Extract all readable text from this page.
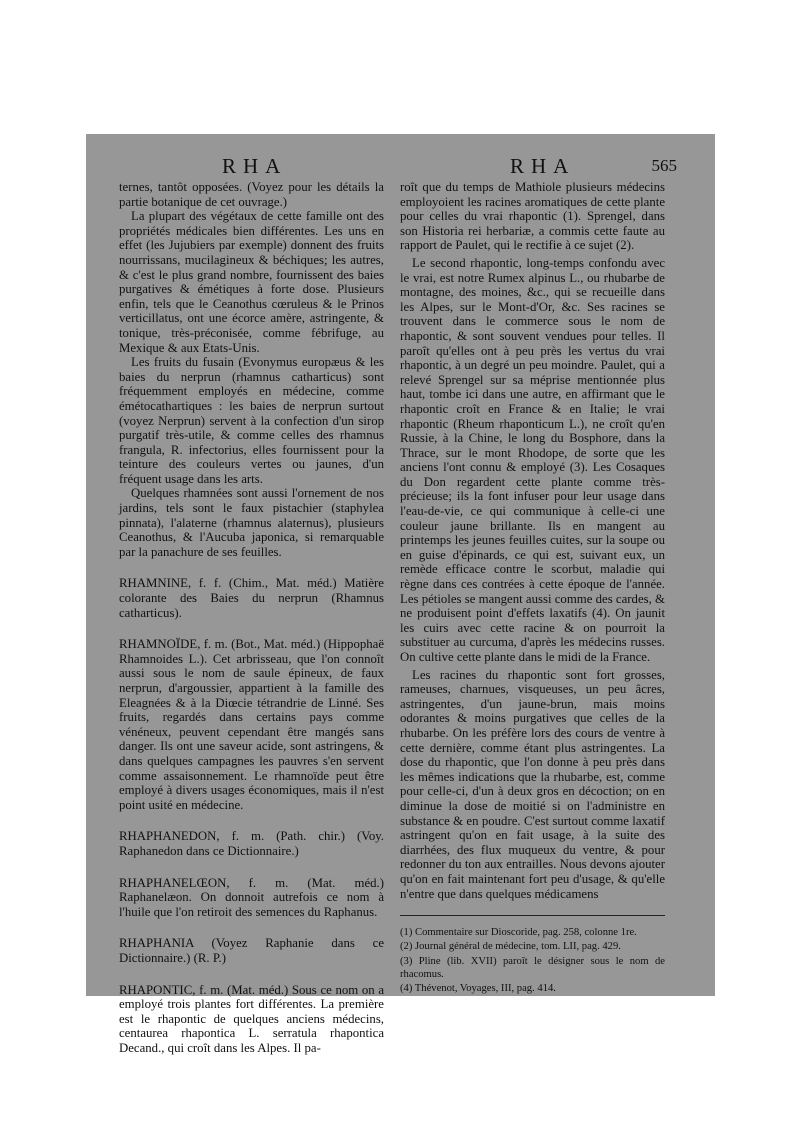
RHA	RHA	565

ternes, tantôt opposées. (Voyez pour les détails la partie botanique de cet ouvrage.)

La plupart des végétaux de cette famille ont des propriétés médicales bien différentes. Les uns en effet (les Jujubiers par exemple) donnent des fruits nourrissans, mucilagineux & béchiques; les autres, & c'est le plus grand nombre, fournissent des baies purgatives & émétiques à forte dose. Plusieurs enfin, tels que le Ceanothus cœruleus & le Prinos verticillatus, ont une écorce amère, astringente, & tonique, très-préconisée, comme fébrifuge, au Mexique & aux Etats-Unis.

Les fruits du fusain (Evonymus europæus & les baies du nerprun (rhamnus catharticus) sont fréquemment employés en médecine, comme émétocathartiques : les baies de nerprun surtout (voyez Nerprun) servent à la confection d'un sirop purgatif très-utile, & comme celles des rhamnus frangula, R. infectorius, elles fournissent pour la teinture des couleurs vertes ou jaunes, d'un fréquent usage dans les arts.

Quelques rhamnées sont aussi l'ornement de nos jardins, tels sont le faux pistachier (staphylea pinnata), l'alaterne (rhamnus alaternus), plusieurs Ceanothus, & l'Aucuba japonica, si remarquable par la panachure de ses feuilles.

RHAMNINE, f. f. (Chim., Mat. méd.) Matière colorante des Baies du nerprun (Rhamnus catharticus).

RHAMNOÏDE, f. m. (Bot., Mat. méd.) (Hippophaë Rhamnoides L.). Cet arbrisseau, que l'on connoît aussi sous le nom de saule épineux, de faux nerprun, d'argoussier, appartient à la famille des Eleagnées & à la Diœcie tétrandrie de Linné. Ses fruits, regardés dans certains pays comme vénéneux, peuvent cependant être mangés sans danger. Ils ont une saveur acide, sont astringens, & dans quelques campagnes les pauvres s'en servent comme assaisonnement. Le rhamnoïde peut être employé à divers usages économiques, mais il n'est point usité en médecine.

RHAPHANEDON, f. m. (Path. chir.) (Voy. Raphanedon dans ce Dictionnaire.)

RHAPHANELŒON, f. m. (Mat. méd.) Raphanelæon. On donnoit autrefois ce nom à l'huile que l'on retiroit des semences du Raphanus.

RHAPHANIA (Voyez Raphanie dans ce Dictionnaire.) (R. P.)

RHAPONTIC, f. m. (Mat. méd.) Sous ce nom on a employé trois plantes fort différentes. La première est le rhapontic de quelques anciens médecins, centaurea rhapontica L. serratula rhapontica Decand., qui croît dans les Alpes. Il pa-

roît que du temps de Mathiole plusieurs médecins employoient les racines aromatiques de cette plante pour celles du vrai rhapontic (1). Sprengel, dans son Historia rei herbariæ, a commis cette faute au rapport de Paulet, qui le rectifie à ce sujet (2).

Le second rhapontic, long-temps confondu avec le vrai, est notre Rumex alpinus L., ou rhubarbe de montagne, des moines, &c., qui se recueille dans les Alpes, sur le Mont-d'Or, &c. Ses racines se trouvent dans le commerce sous le nom de rhapontic, & sont souvent vendues pour telles. Il paroît qu'elles ont à peu près les vertus du vrai rhapontic, à un degré un peu moindre. Paulet, qui a relevé Sprengel sur sa méprise mentionnée plus haut, tombe ici dans une autre, en affirmant que le rhapontic croît en France & en Italie; le vrai rhapontic (Rheum rhaponticum L.), ne croît qu'en Russie, à la Chine, le long du Bosphore, dans la Thrace, sur le mont Rhodope, de sorte que les anciens l'ont connu & employé (3). Les Cosaques du Don regardent cette plante comme très-précieuse; ils la font infuser pour leur usage dans l'eau-de-vie, ce qui communique à celle-ci une couleur jaune brillante. Ils en mangent au printemps les jeunes feuilles cuites, sur la soupe ou en guise d'épinards, ce qui est, suivant eux, un remède efficace contre le scorbut, maladie qui règne dans ces contrées à cette époque de l'année. Les pétioles se mangent aussi comme des cardes, & ne produisent point d'effets laxatifs (4). On jaunit les cuirs avec cette racine & on pourroit la substituer au curcuma, d'après les médecins russes. On cultive cette plante dans le midi de la France.

Les racines du rhapontic sont fort grosses, rameuses, charnues, visqueuses, un peu âcres, astringentes, d'un jaune-brun, mais moins odorantes & moins purgatives que celles de la rhubarbe. On les préfère lors des cours de ventre à cette dernière, comme étant plus astringentes. La dose du rhapontic, que l'on donne à peu près dans les mêmes indications que la rhubarbe, est, comme pour celle-ci, d'un à deux gros en décoction; on en diminue la dose de moitié si on l'administre en substance & en poudre. C'est surtout comme laxatif astringent qu'on en fait usage, à la suite des diarrhées, des flux muqueux du ventre, & pour redonner du ton aux entrailles. Nous devons ajouter qu'on en fait maintenant fort peu d'usage, & qu'elle n'entre que dans quelques médicamens

(1) Commentaire sur Dioscoride, pag. 258, colonne 1re.
(2) Journal général de médecine, tom. LII, pag. 429.
(3) Pline (lib. XVII) paroît le désigner sous le nom de rhacomus.
(4) Thévenot, Voyages, III, pag. 414.
